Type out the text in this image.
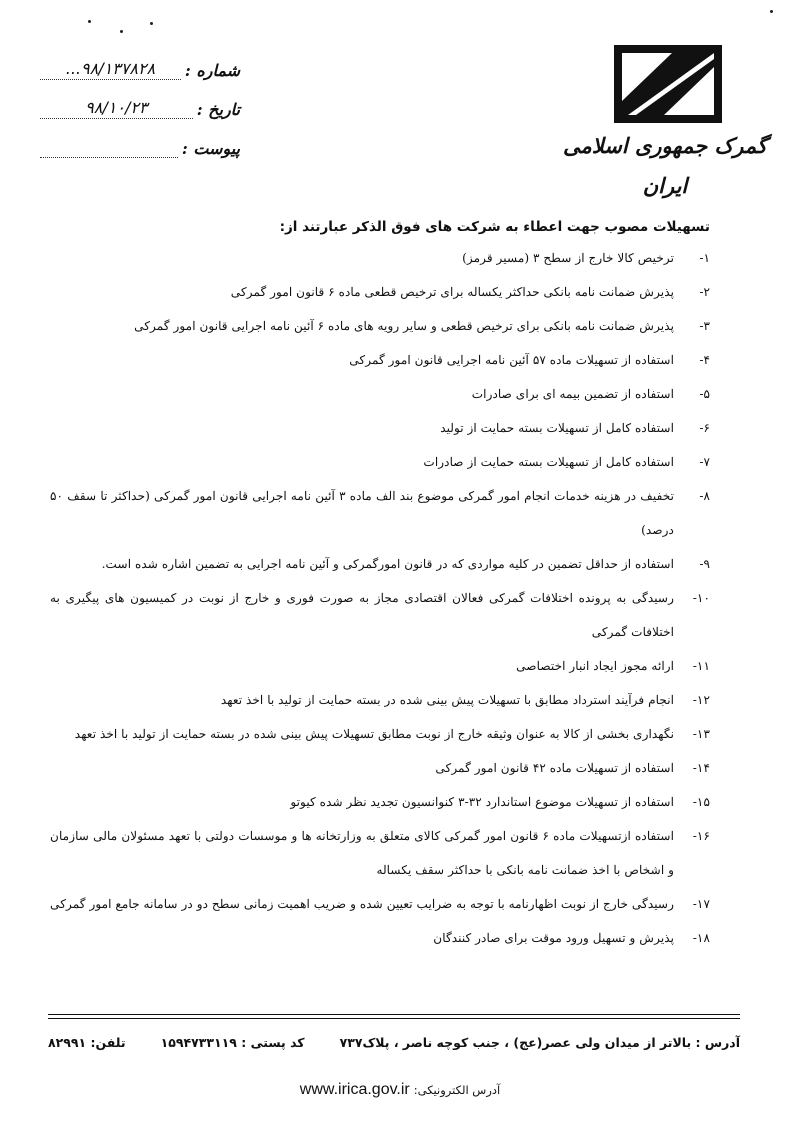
گمرک جمهوری اسلامی ایران
شماره :
۹۸/۱۳۷۸۲۸...
تاریخ :
۹۸/۱۰/۲۳
پیوست :
تسهیلات مصوب جهت اعطاء به شرکت های فوق الذکر عبارتند از:
۱-
ترخیص کالا خارج از سطح ۳ (مسیر قرمز)
۲-
پذیرش ضمانت نامه بانکی حداکثر یکساله برای ترخیص قطعی ماده ۶ قانون امور گمرکی
۳-
پذیرش ضمانت نامه بانکی برای ترخیص قطعی و سایر رویه های ماده ۶ آئین نامه اجرایی قانون امور گمرکی
۴-
استفاده از تسهیلات ماده ۵۷ آئین نامه اجرایی قانون امور گمرکی
۵-
استفاده از تضمین بیمه ای برای صادرات
۶-
استفاده کامل از تسهیلات بسته حمایت از تولید
۷-
استفاده کامل از تسهیلات بسته حمایت از صادرات
۸-
تخفیف در هزینه خدمات انجام امور گمرکی موضوع بند الف ماده ۳ آئین نامه اجرایی قانون امور گمرکی (حداکثر تا سقف ۵۰ درصد)
۹-
استفاده از حداقل تضمین در کلیه مواردی که در قانون امورگمرکی و آئین نامه اجرایی به تضمین اشاره شده است.
۱۰-
رسیدگی به پرونده اختلافات گمرکی فعالان اقتصادی مجاز به صورت فوری و خارج از نوبت در کمیسیون های پیگیری به اختلافات گمرکی
۱۱-
ارائه مجوز ایجاد انبار اختصاصی
۱۲-
انجام فرآیند استرداد مطابق با تسهیلات پیش بینی شده در بسته حمایت از تولید با اخذ تعهد
۱۳-
نگهداری بخشی از کالا به عنوان وثیقه خارج از نوبت مطابق تسهیلات پیش بینی شده در بسته حمایت از تولید با اخذ تعهد
۱۴-
استفاده از تسهیلات ماده ۴۲ قانون امور گمرکی
۱۵-
استفاده از تسهیلات موضوع استاندارد ۳۲-۳ کنوانسیون تجدید نظر شده کیوتو
۱۶-
استفاده ازتسهیلات ماده ۶ قانون امور گمرکی کالای متعلق به وزارتخانه ها و موسسات دولتی با تعهد مسئولان مالی سازمان و اشخاص با اخذ ضمانت نامه بانکی با حداکثر سقف یکساله
۱۷-
رسیدگی خارج از نوبت اظهارنامه با توجه به ضرایب تعیین شده و ضریب اهمیت زمانی سطح دو در سامانه جامع امور گمرکی
۱۸-
پذیرش و تسهیل ورود موقت برای صادر کنندگان
آدرس : بالاتر از میدان ولی عصر(عج) ، جنب کوچه ناصر ، پلاک۷۳۷
کد پستی : ۱۵۹۴۷۳۳۱۱۹
تلفن: ۸۲۹۹۱
آدرس الکترونیکی:
www.irica.gov.ir
